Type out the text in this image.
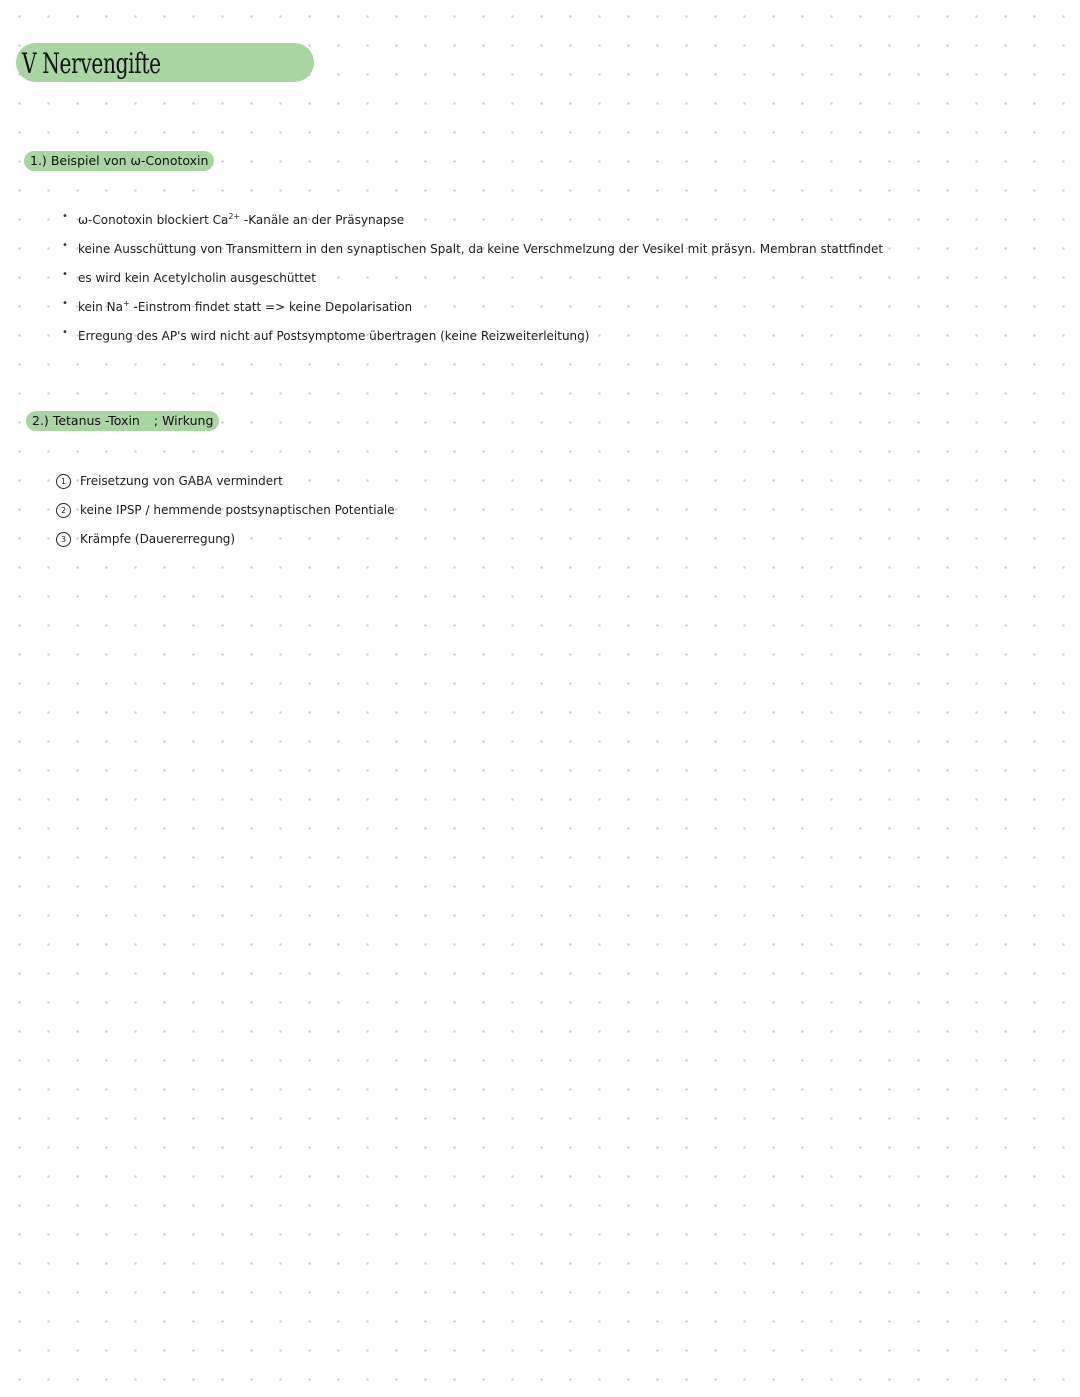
V Nervengifte
1.) Beispiel von ω-Conotoxin
• ω-Conotoxin blockiert $Ca^{2+}$ -Kanäle an der Präsynapse
• keine Ausschüttung von Transmittern in den synaptischen Spalt, da keine Verschmelzung der Vesikel mit präsyn. Membran stattfindet
• es wird kein Acetylcholin ausgeschüttet
• kein Na+ -Einstrom findet statt => keine Depolarisation
• Erregung des AP's wird nicht auf Postsymptome übertragen (keine Reizweiterleitung)
2.) Tetanus -Toxin ; Wirkung
1	Freisetzung von GABA vermindert
2	keine IPSP / hemmende postsynaptischen Potentiale
3	Krämpfe (Dauererregung)
